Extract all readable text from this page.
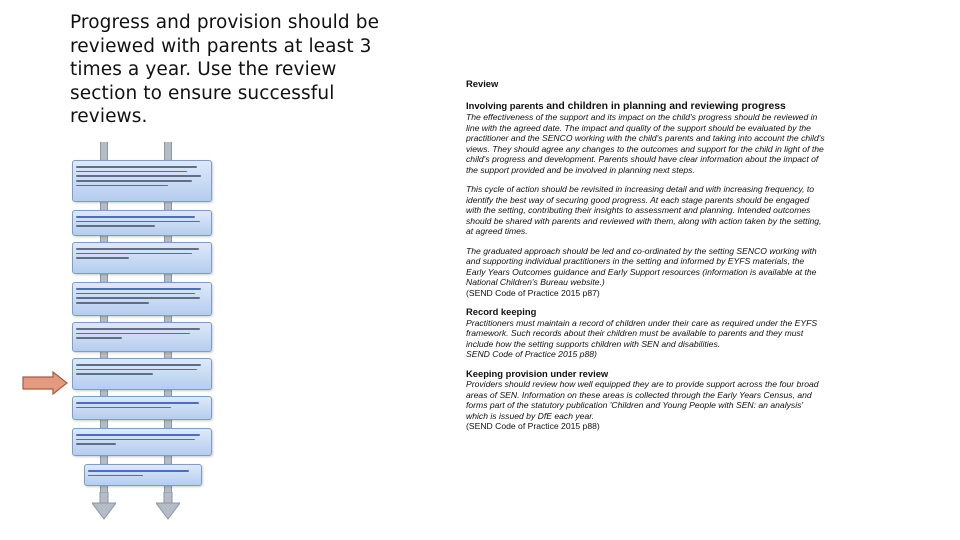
Progress and provision should be reviewed with parents at least 3 times a year. Use the review section to ensure successful reviews.
Review
Involving parents and children in planning and reviewing progress
The effectiveness of the support and its impact on the child's progress should be reviewed in line with the agreed date. The impact and quality of the support should be evaluated by the practitioner and the SENCO working with the child's parents and taking into account the child's views. They should agree any changes to the outcomes and support for the child in light of the child's progress and development. Parents should have clear information about the impact of the support provided and be involved in planning next steps.
This cycle of action should be revisited in increasing detail and with increasing frequency, to identify the best way of securing good progress. At each stage parents should be engaged with the setting, contributing their insights to assessment and planning. Intended outcomes should be shared with parents and reviewed with them, along with action taken by the setting, at agreed times.
The graduated approach should be led and co-ordinated by the setting SENCO working with and supporting individual practitioners in the setting and informed by EYFS materials, the Early Years Outcomes guidance and Early Support resources (information is available at the National Children's Bureau website.)
(SEND Code of Practice 2015 p87)
Record keeping
Practitioners must maintain a record of children under their care as required under the EYFS framework. Such records about their children must be available to parents and they must include how the setting supports children with SEN and disabilities.
SEND Code of Practice 2015 p88)
Keeping provision under review
Providers should review how well equipped they are to provide support across the four broad areas of SEN. Information on these areas is collected through the Early Years Census, and forms part of the statutory publication 'Children and Young People with SEN: an analysis' which is issued by DfE each year.
(SEND Code of Practice 2015 p88)
